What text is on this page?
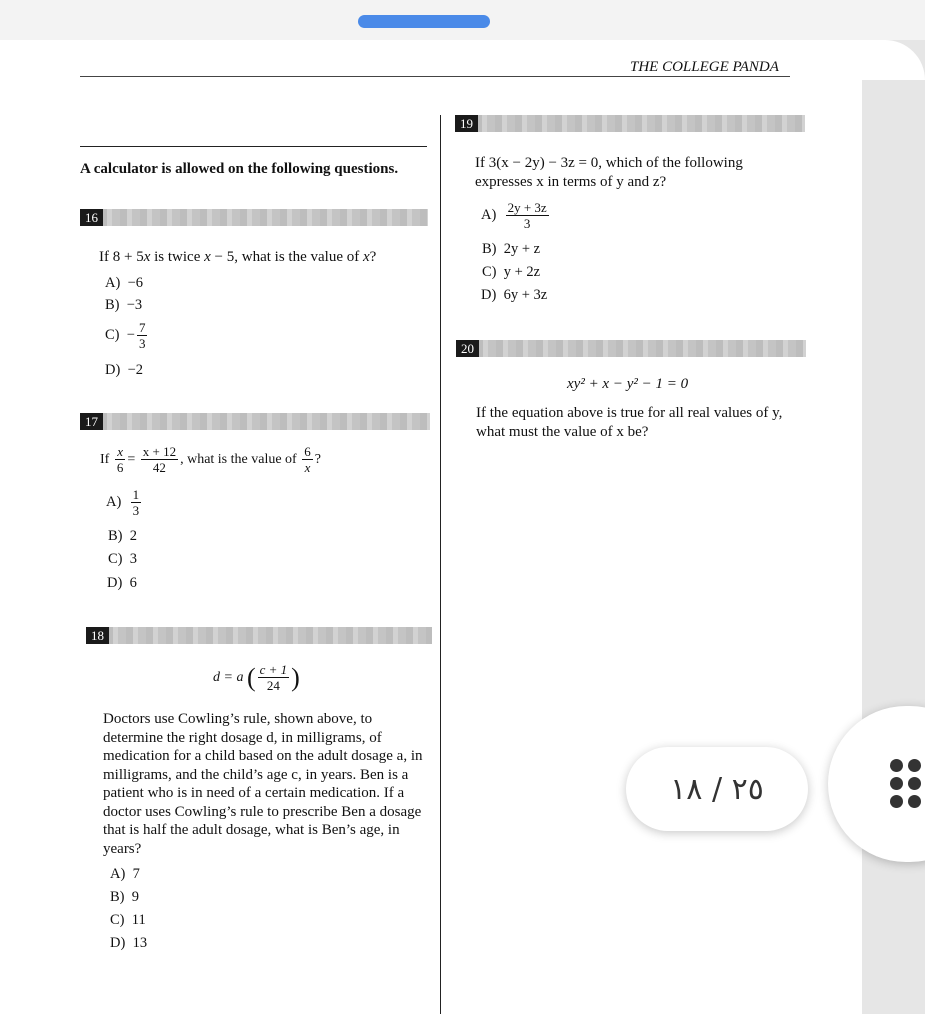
THE COLLEGE PANDA
A calculator is allowed on the following questions.
16
If 8 + 5x is twice x − 5, what is the value of x?
A) −6
B) −3
$C) - \frac{7}{3}$
D) −2
17
If $\frac{x}{6} = \frac{x + 12}{42}$ , what is the value of $\frac{6}{x}$ ?
$A) \frac{1}{3}$
B) 2
C) 3
D) 6
18
d = a ( $\frac{c + 1}{24}$ )
Doctors use Cowling’s rule, shown above, to determine the right dosage d, in milligrams, of medication for a child based on the adult dosage a, in milligrams, and the child’s age c, in years. Ben is a patient who is in need of a certain medication. If a doctor uses Cowling’s rule to prescribe Ben a dosage that is half the adult dosage, what is Ben’s age, in years?
A) 7
B) 9
C) 11
D) 13
19
If 3(x − 2y) − 3z = 0, which of the following expresses x in terms of y and z?
$A) \frac{2y + 3z}{3}$
B) 2y + z
C) y + 2z
D) 6y + 3z
20
xy² + x − y² − 1 = 0
If the equation above is true for all real values of y, what must the value of x be?
٢٥ / ١٨
